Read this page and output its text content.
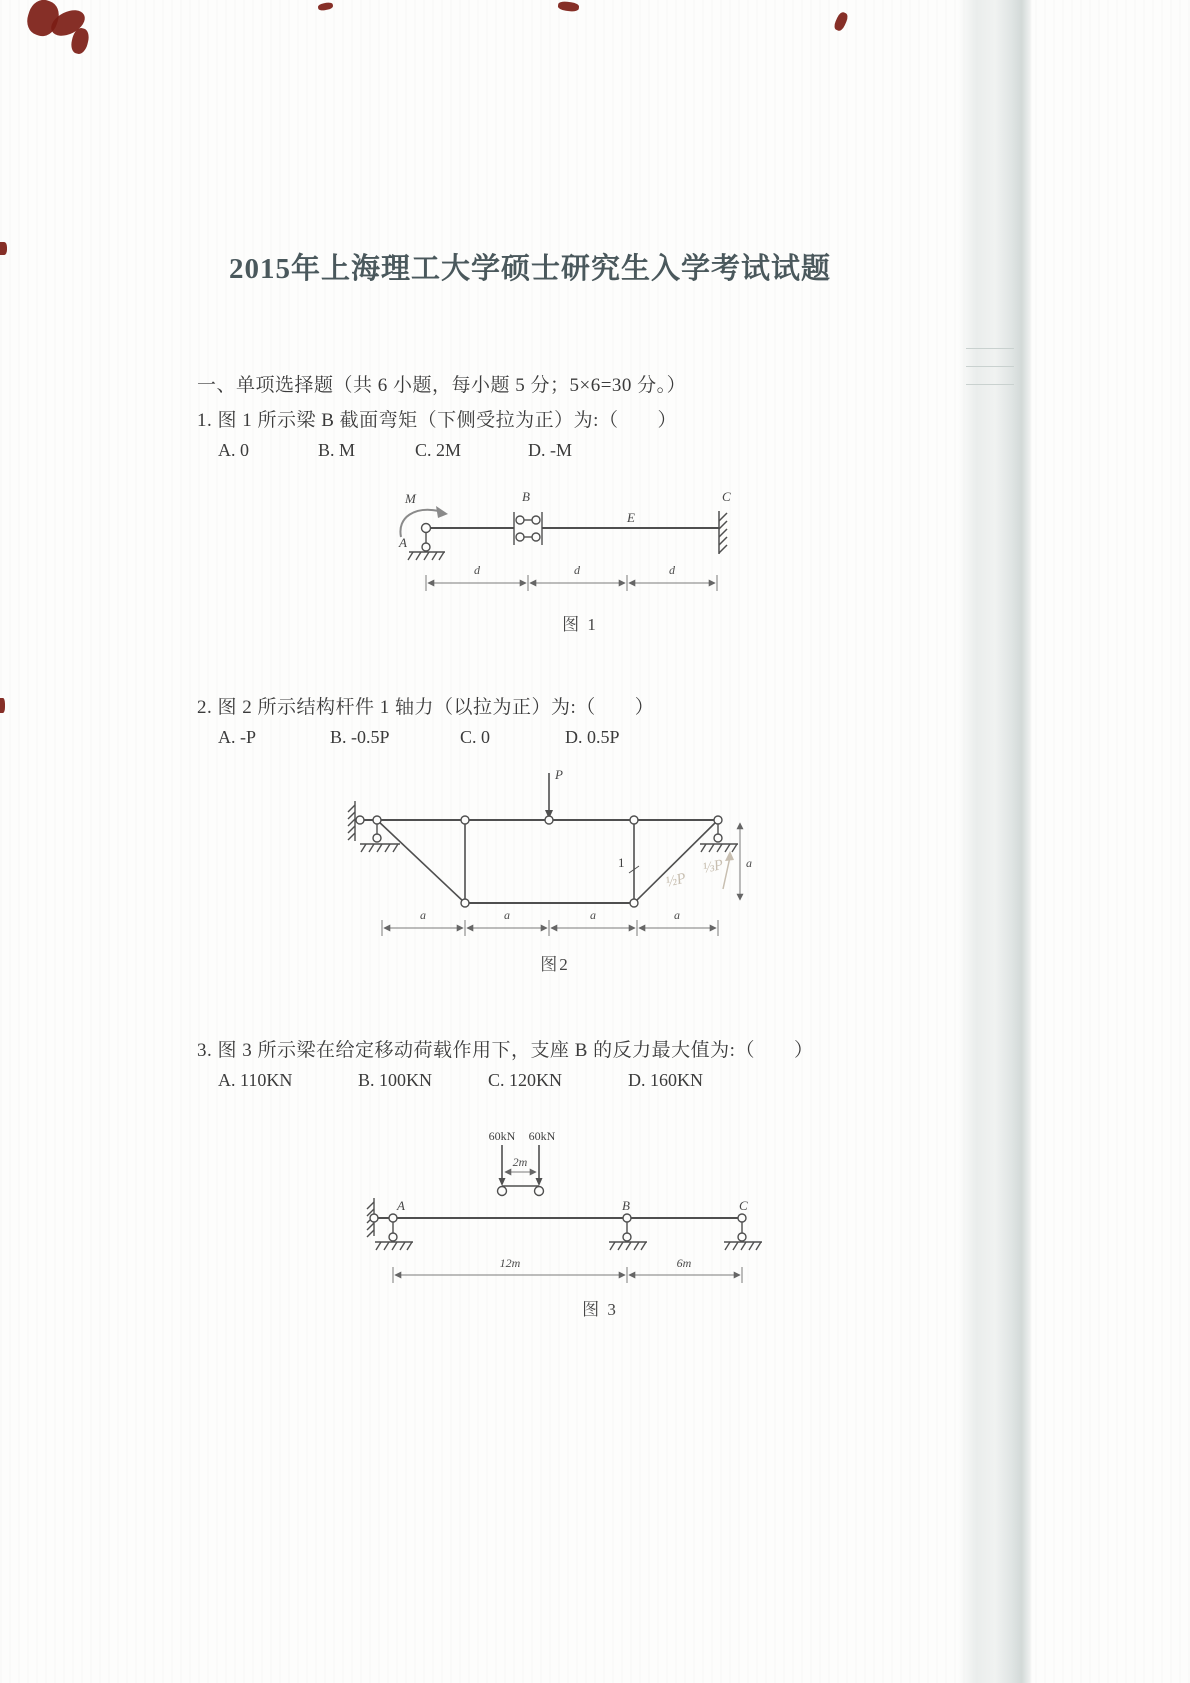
2015年上海理工大学硕士研究生入学考试试题
一、单项选择题（共 6 小题，每小题 5 分；5×6=30 分。）
1. 图 1 所示梁 B 截面弯矩（下侧受拉为正）为:（　　）
A. 0	B. M	C. 2M	D. -M
M
A
B
E
C
d	d	d
图 1
2. 图 2 所示结构杆件 1 轴力（以拉为正）为:（　　）
A. -P	B. -0.5P	C. 0	D. 0.5P
P
1
½P
⅓P a
a	a	a	a
图2
3. 图 3 所示梁在给定移动荷载作用下，支座 B 的反力最大值为:（　　）
A. 110KN	B. 100KN	C. 120KN	D. 160KN
60kN 60kN
2m
A	B	C
12m	6m
图 3
